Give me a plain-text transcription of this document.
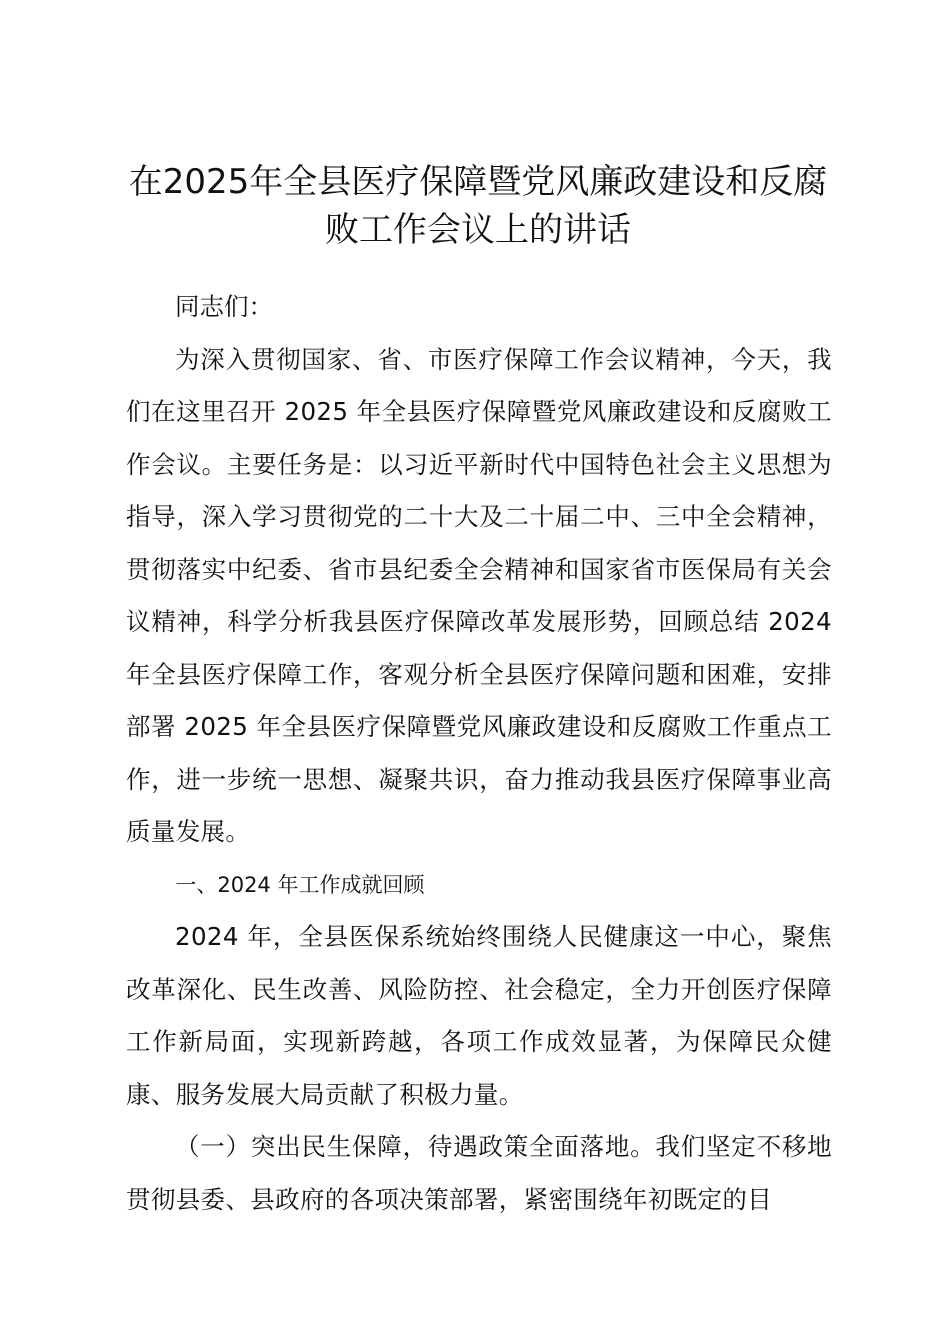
在2025年全县医疗保障暨党风廉政建设和反腐败工作会议上的讲话

同志们：

为深入贯彻国家、省、市医疗保障工作会议精神，今天，我们在这里召开 2025 年全县医疗保障暨党风廉政建设和反腐败工作会议。主要任务是：以习近平新时代中国特色社会主义思想为指导，深入学习贯彻党的二十大及二十届二中、三中全会精神，贯彻落实中纪委、省市县纪委全会精神和国家省市医保局有关会议精神，科学分析我县医疗保障改革发展形势，回顾总结 2024 年全县医疗保障工作，客观分析全县医疗保障问题和困难，安排部署 2025 年全县医疗保障暨党风廉政建设和反腐败工作重点工作，进一步统一思想、凝聚共识，奋力推动我县医疗保障事业高质量发展。

一、2024 年工作成就回顾

2024 年，全县医保系统始终围绕人民健康这一中心，聚焦改革深化、民生改善、风险防控、社会稳定，全力开创医疗保障工作新局面，实现新跨越，各项工作成效显著，为保障民众健康、服务发展大局贡献了积极力量。

（一）突出民生保障，待遇政策全面落地。我们坚定不移地贯彻县委、县政府的各项决策部署，紧密围绕年初既定的目
